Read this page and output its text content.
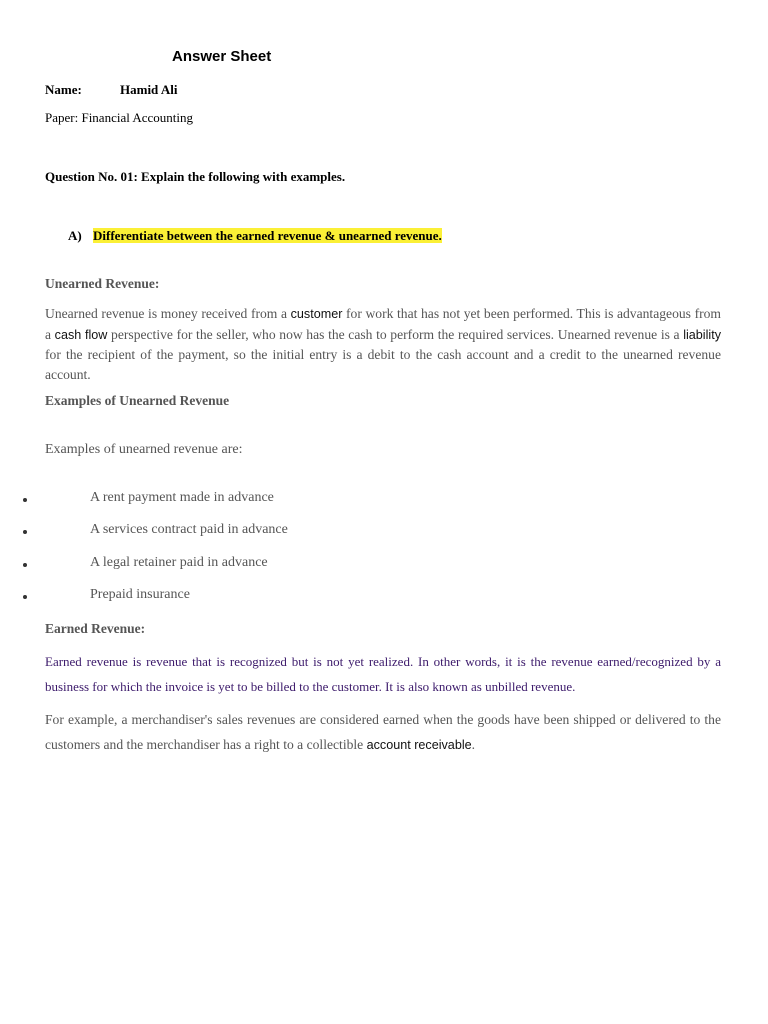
Answer Sheet
Name:	Hamid Ali
Paper: Financial Accounting
Question No. 01: Explain the following with examples.
A) Differentiate between the earned revenue & unearned revenue.
Unearned Revenue:
Unearned revenue is money received from a customer for work that has not yet been performed. This is advantageous from a cash flow perspective for the seller, who now has the cash to perform the required services. Unearned revenue is a liability for the recipient of the payment, so the initial entry is a debit to the cash account and a credit to the unearned revenue account.
Examples of Unearned Revenue
Examples of unearned revenue are:
A rent payment made in advance
A services contract paid in advance
A legal retainer paid in advance
Prepaid insurance
Earned Revenue:
Earned revenue is revenue that is recognized but is not yet realized. In other words, it is the revenue earned/recognized by a business for which the invoice is yet to be billed to the customer. It is also known as unbilled revenue.
For example, a merchandiser's sales revenues are considered earned when the goods have been shipped or delivered to the customers and the merchandiser has a right to a collectible account receivable.
